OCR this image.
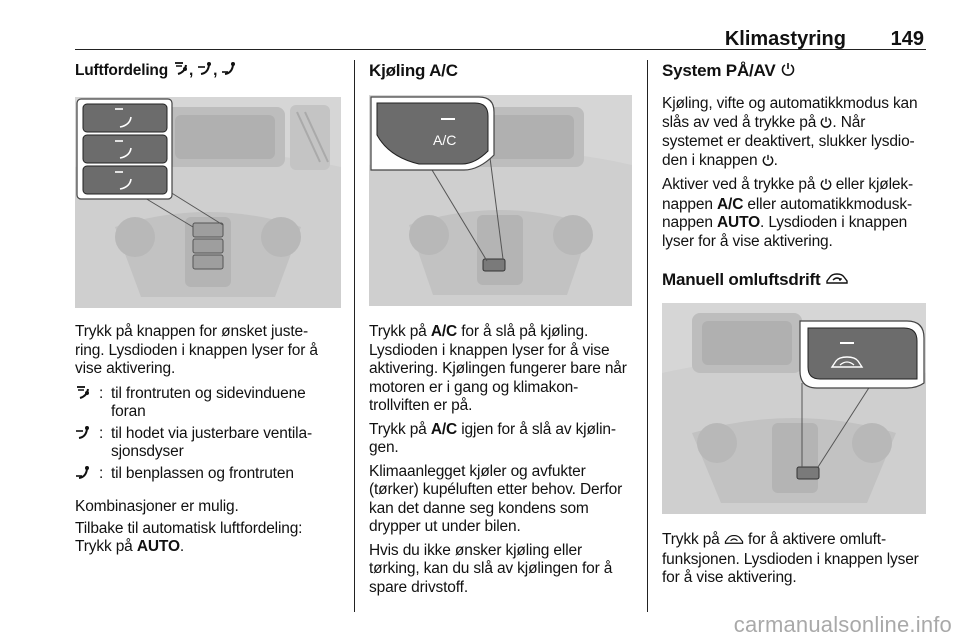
Klimastyring 149
Luftfordeling , ,

Trykk på knappen for ønsket juste- ring. Lysdioden i knappen lyser for å vise aktivering.

: til frontruten og sidevinduene foran
: til hodet via justerbare ventila- sjonsdyser
: til benplassen og frontruten

Kombinasjoner er mulig.

Tilbake til automatisk luftfordeling: Trykk på AUTO.

Kjøling A/C
A/C

Trykk på A/C for å slå på kjøling. Lysdioden i knappen lyser for å vise aktivering. Kjølingen fungerer bare når motoren er i gang og klimakon- trollviften er på.

Trykk på A/C igjen for å slå av kjølin- gen.

Klimaanlegget kjøler og avfukter (tørker) kupéluften etter behov. Derfor kan det danne seg kondens som drypper ut under bilen.

Hvis du ikke ønsker kjøling eller tørking, kan du slå av kjølingen for å spare drivstoff.

System PÅ/AV

Kjøling, vifte og automatikkmodus kan slås av ved å trykke på . Når systemet er deaktivert, slukker lysdio- den i knappen .

Aktiver ved å trykke på eller kjølek- nappen A/C eller automatikkmodusk- nappen AUTO. Lysdioden i knappen lyser for å vise aktivering.

Manuell omluftsdrift

Trykk på for å aktivere omluft- funksjonen. Lysdioden i knappen lyser for å vise aktivering.

carmanualsonline.info
